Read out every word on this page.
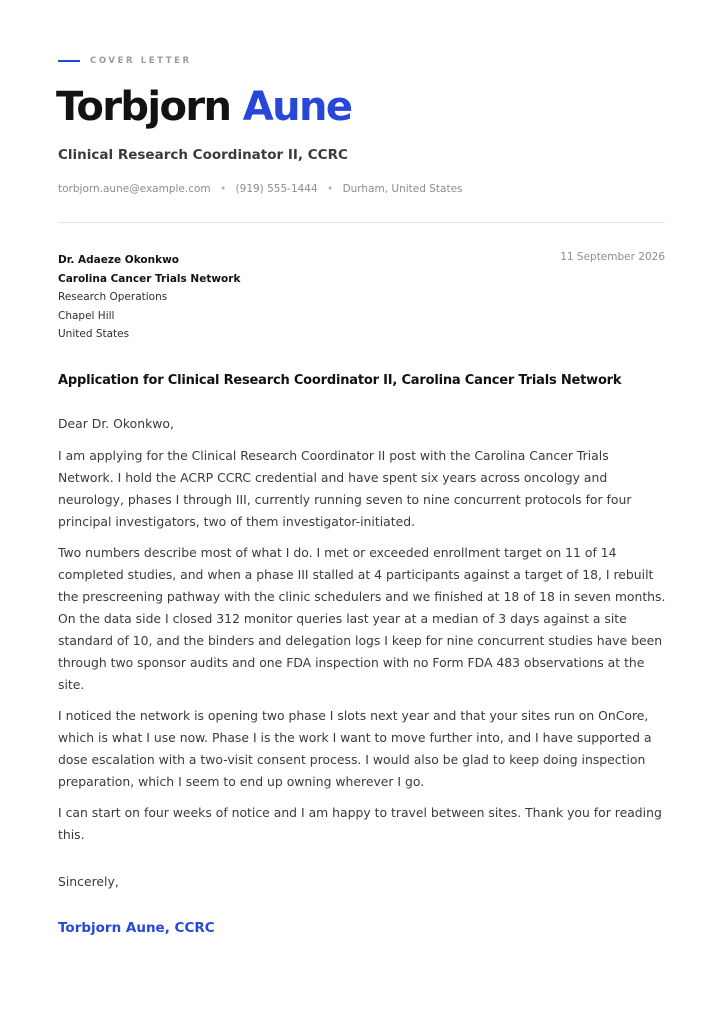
COVER LETTER
Torbjorn Aune
Clinical Research Coordinator II, CCRC
torbjorn.aune@example.com • (919) 555-1444 • Durham, United States
Dr. Adaeze Okonkwo
Carolina Cancer Trials Network
Research Operations
Chapel Hill
United States
11 September 2026
Application for Clinical Research Coordinator II, Carolina Cancer Trials Network

Dear Dr. Okonkwo,

I am applying for the Clinical Research Coordinator II post with the Carolina Cancer Trials Network. I hold the ACRP CCRC credential and have spent six years across oncology and neurology, phases I through III, currently running seven to nine concurrent protocols for four principal investigators, two of them investigator-initiated.

Two numbers describe most of what I do. I met or exceeded enrollment target on 11 of 14 completed studies, and when a phase III stalled at 4 participants against a target of 18, I rebuilt the prescreening pathway with the clinic schedulers and we finished at 18 of 18 in seven months. On the data side I closed 312 monitor queries last year at a median of 3 days against a site standard of 10, and the binders and delegation logs I keep for nine concurrent studies have been through two sponsor audits and one FDA inspection with no Form FDA 483 observations at the site.

I noticed the network is opening two phase I slots next year and that your sites run on OnCore, which is what I use now. Phase I is the work I want to move further into, and I have supported a dose escalation with a two-visit consent process. I would also be glad to keep doing inspection preparation, which I seem to end up owning wherever I go.

I can start on four weeks of notice and I am happy to travel between sites. Thank you for reading this.

Sincerely,
Torbjorn Aune, CCRC
